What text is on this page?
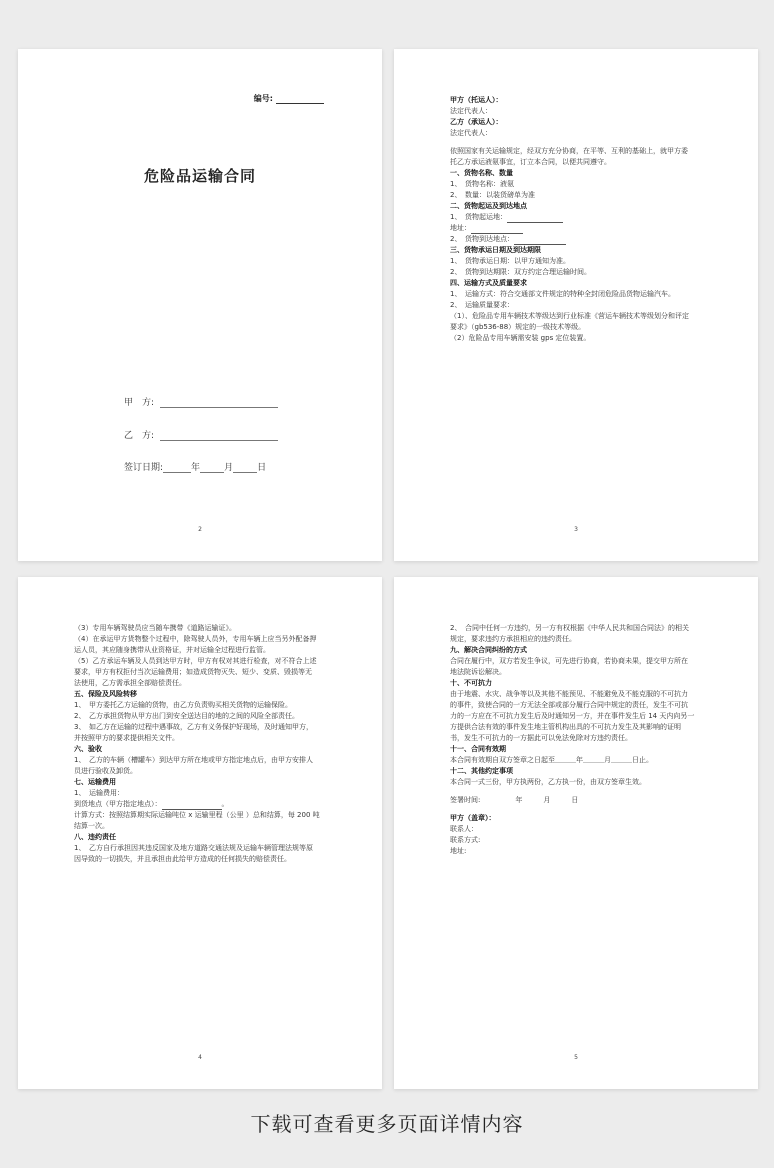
编号:
危险品运输合同
甲　方:
乙　方:
签订日期:	年	月	日
2
甲方（托运人）：
法定代表人：
乙方（承运人）：
法定代表人：
依照国家有关运输规定，经双方充分协商，在平等、互利的基础上，就甲方委
托乙方承运液氨事宜，订立本合同，以便共同遵守。
一、货物名称、数量
1、　货物名称：液氨
2、　数量：以装货磅单为准
二、货物起运及到达地点
1、　货物起运地：
地址：
2、　货物到达地点：
三、货物承运日期及到达期限
1、　货物承运日期：以甲方通知为准。
2、　货物到达期限：双方约定合理运输时间。
四、运输方式及质量要求
1、　运输方式：符合交通部文件规定的特种全封闭危险品货物运输汽车。
2、　运输质量要求：
（1）、危险品专用车辆技术等级达到行业标准《营运车辆技术等级划分和评定
要求》（gb536-88）规定的一级技术等级。
（2）危险品专用车辆需安装 gps 定位装置。
3
（3）专用车辆驾驶员应当随车携带《道路运输证》。
（4）在承运甲方货物整个过程中，除驾驶人员外，专用车辆上应当另外配备押
运人员，其应随身携带从业资格证，并对运输全过程进行监管。
（5）乙方承运车辆及人员到达甲方时，甲方有权对其进行检查，对不符合上述
要求，甲方有权拒付当次运输费用；如造成货物灭失、短少、变质、毁损等无
法使用，乙方需承担全部赔偿责任。
五、保险及风险转移
1、　甲方委托乙方运输的货物，由乙方负责购买相关货物的运输保险。
2、　乙方承担货物从甲方出门到安全送达目的地的之间的风险全部责任。
3、　如乙方在运输的过程中遇事故，乙方有义务保护好现场，及时通知甲方，
并按照甲方的要求提供相关文件。
六、验收
1、　乙方的车辆（槽罐车）到达甲方所在地或甲方指定地点后，由甲方安排人
员进行验收及卸货。
七、运输费用
1、　运输费用：
到货地点（甲方指定地点）：	。
计算方式：按照结算期实际运输吨位 x 运输里程（公里 ）总和结算，每 200 吨
结算一次。
八、违约责任
1、　乙方自行承担因其违反国家及地方道路交通法规及运输车辆管理法规等原
因导致的一切损失，并且承担由此给甲方造成的任何损失的赔偿责任。
4
2、　合同中任何一方违约，另一方有权根据《中华人民共和国合同法》的相关
规定，要求违约方承担相应的违约责任。
九、解决合同纠纷的方式
合同在履行中，双方若发生争议，可先进行协商，若协商未果，提交甲方所在
地法院诉讼解决。
十、不可抗力
由于地震、水灾、战争等以及其他不能预见、不能避免及不能克服的不可抗力
的事件，致使合同的一方无法全部或部分履行合同中规定的责任，发生不可抗
力的一方应在不可抗力发生后及时通知另一方，并在事件发生后 14 天内向另一
方提供合法有效的事件发生地主管机构出具的不可抗力发生及其影响的证明
书，发生不可抗力的一方据此可以免法免除对方违约责任。
十一、合同有效期
本合同有效期自双方签章之日起至＿＿＿年＿＿＿月＿＿＿日止。
十二、其他约定事项
本合同一式三份，甲方执两份，乙方执一份，由双方签章生效。
签署时间:　　　　　年　　　月　　　日
甲方（盖章）：
联系人：
联系方式:
地址:
5
下载可查看更多页面详情内容
